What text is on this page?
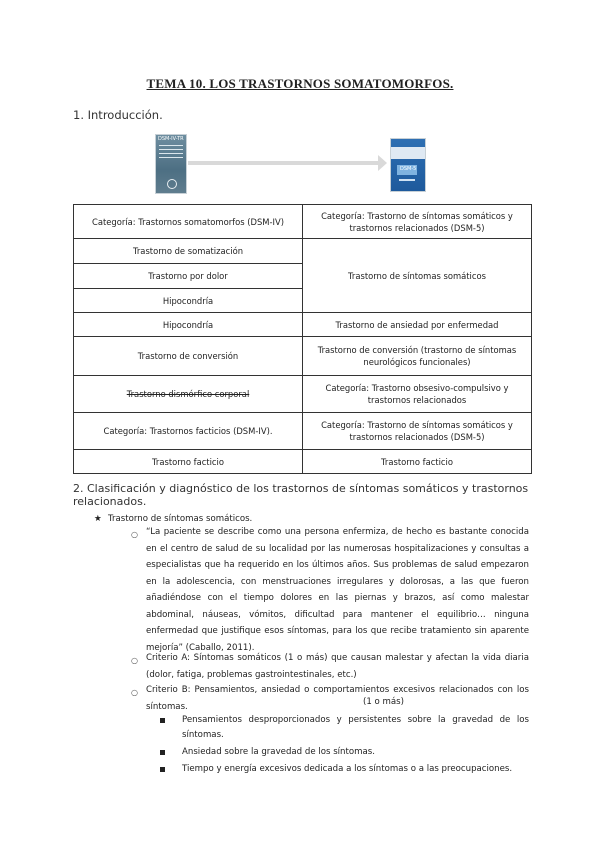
TEMA 10. LOS TRASTORNOS SOMATOMORFOS.
1. Introducción.
DSM-IV-TR
DSM-5
Categoría: Trastornos somatomorfos (DSM-IV)	Categoría: Trastorno de síntomas somáticos y trastornos relacionados (DSM-5)
Trastorno de somatización	Trastorno de síntomas somáticos
Trastorno por dolor	
Hipocondría	
Hipocondría	Trastorno de ansiedad por enfermedad
Trastorno de conversión	Trastorno de conversión (trastorno de síntomas neurológicos funcionales)
Trastorno dismórfico corporal	Categoría: Trastorno obsesivo-compulsivo y trastornos relacionados
Categoría: Trastornos facticios (DSM-IV).	Categoría: Trastorno de síntomas somáticos y trastornos relacionados (DSM-5)
Trastorno facticio	Trastorno facticio
2. Clasificación y diagnóstico de los trastornos de síntomas somáticos y trastornos relacionados.
★ Trastorno de síntomas somáticos.
○ “La paciente se describe como una persona enfermiza, de hecho es bastante conocida en el centro de salud de su localidad por las numerosas hospitalizaciones y consultas a especialistas que ha requerido en los últimos años. Sus problemas de salud empezaron en la adolescencia, con menstruaciones irregulares y dolorosas, a las que fueron añadiéndose con el tiempo dolores en las piernas y brazos, así como malestar abdominal, náuseas, vómitos, dificultad para mantener el equilibrio… ninguna enfermedad que justifique esos síntomas, para los que recibe tratamiento sin aparente mejoría” (Caballo, 2011).
○ Criterio A: Síntomas somáticos (1 o más) que causan malestar y afectan la vida diaria (dolor, fatiga, problemas gastrointestinales, etc.)
○ Criterio B: Pensamientos, ansiedad o comportamientos excesivos relacionados con los síntomas.	(1 o más)
Pensamientos desproporcionados y persistentes sobre la gravedad de los síntomas.
Ansiedad sobre la gravedad de los síntomas.
Tiempo y energía excesivos dedicada a los síntomas o a las preocupaciones.
